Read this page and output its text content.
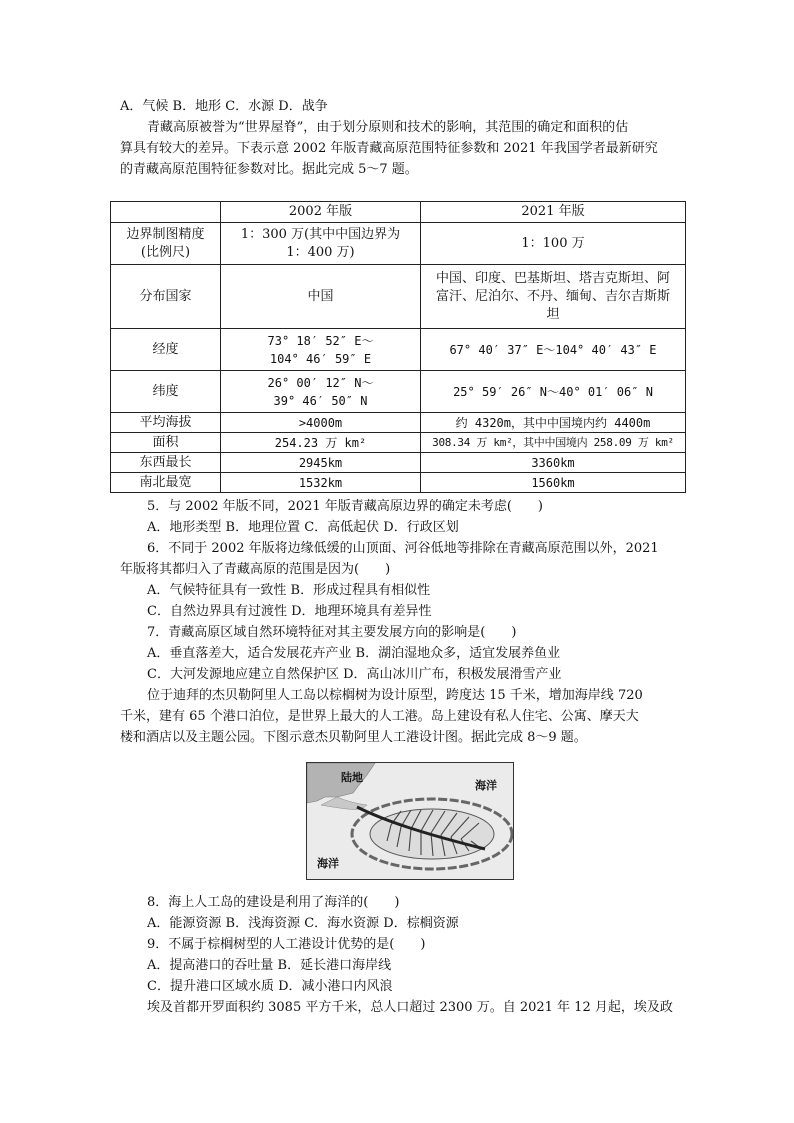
A．气候 B．地形 C．水源 D．战争
青藏高原被誉为“世界屋脊”，由于划分原则和技术的影响，其范围的确定和面积的估
算具有较大的差异。下表示意 2002 年版青藏高原范围特征参数和 2021 年我国学者最新研究
的青藏高原范围特征参数对比。据此完成 5～7 题。
	2002 年版	2021 年版
边界制图精度
(比例尺)	1：300 万(其中中国边界为
1：400 万)	1：100 万
分布国家	中国	中国、印度、巴基斯坦、塔吉克斯坦、阿
富汗、尼泊尔、不丹、缅甸、吉尔吉斯斯
坦
经度	73° 18′ 52″ E～
104° 46′ 59″ E	67° 40′ 37″ E～104° 40′ 43″ E
纬度	26° 00′ 12″ N～
39° 46′ 50″ N	25° 59′ 26″ N～40° 01′ 06″ N
平均海拔	>4000m	约 4320m，其中中国境内约 4400m
面积	254.23 万 km²	308.34 万 km²，其中中国境内 258.09 万 km²
东西最长	2945km	3360km
南北最宽	1532km	1560km
5．与 2002 年版不同，2021 年版青藏高原边界的确定未考虑(　　)
A．地形类型 B．地理位置 C．高低起伏 D．行政区划
6．不同于 2002 年版将边缘低缓的山顶面、河谷低地等排除在青藏高原范围以外，2021
年版将其都归入了青藏高原的范围是因为(　　)
A．气候特征具有一致性 B．形成过程具有相似性
C．自然边界具有过渡性 D．地理环境具有差异性
7．青藏高原区域自然环境特征对其主要发展方向的影响是(　　)
A．垂直落差大，适合发展花卉产业 B．湖泊湿地众多，适宜发展养鱼业
C．大河发源地应建立自然保护区 D．高山冰川广布，积极发展滑雪产业
位于迪拜的杰贝勒阿里人工岛以棕榈树为设计原型，跨度达 15 千米，增加海岸线 720
千米，建有 65 个港口泊位，是世界上最大的人工港。岛上建设有私人住宅、公寓、摩天大
楼和酒店以及主题公园。下图示意杰贝勒阿里人工港设计图。据此完成 8～9 题。
陆地
海洋
海洋
8．海上人工岛的建设是利用了海洋的(　　)
A．能源资源 B．浅海资源 C．海水资源 D．棕榈资源
9．不属于棕榈树型的人工港设计优势的是(　　)
A．提高港口的吞吐量 B．延长港口海岸线
C．提升港口区域水质 D．减小港口内风浪
埃及首都开罗面积约 3085 平方千米，总人口超过 2300 万。自 2021 年 12 月起，埃及政
